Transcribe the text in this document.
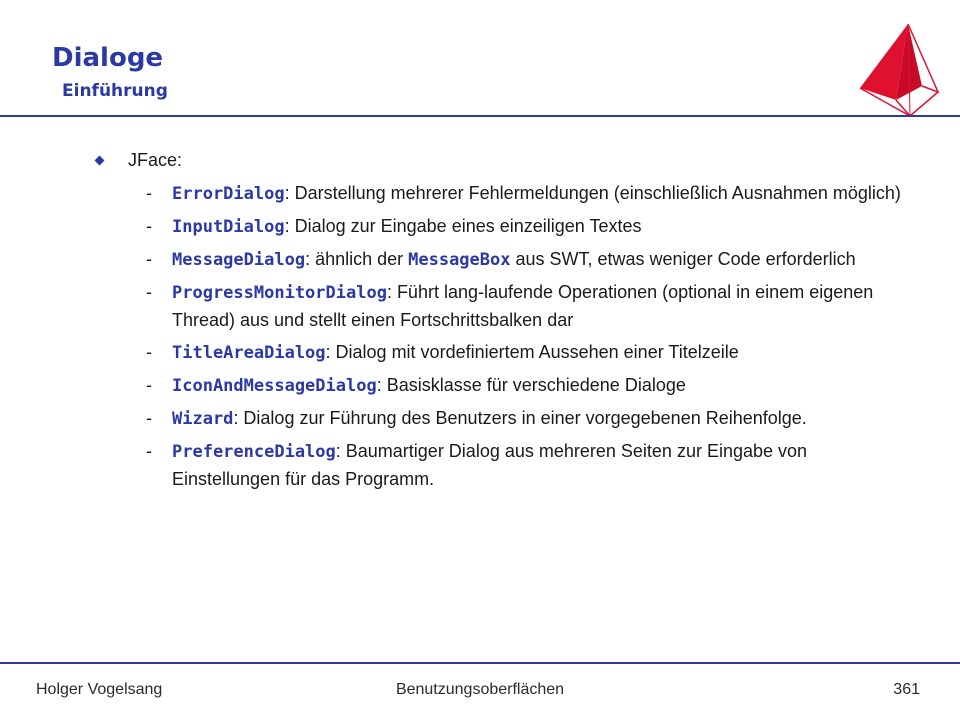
Dialoge
Einführung
JFace:
- ErrorDialog: Darstellung mehrerer Fehlermeldungen (einschließlich Ausnahmen möglich)
- InputDialog: Dialog zur Eingabe eines einzeiligen Textes
- MessageDialog: ähnlich der MessageBox aus SWT, etwas weniger Code erforderlich
- ProgressMonitorDialog: Führt lang-laufende Operationen (optional in einem eigenen Thread) aus und stellt einen Fortschrittsbalken dar
- TitleAreaDialog: Dialog mit vordefiniertem Aussehen einer Titelzeile
- IconAndMessageDialog: Basisklasse für verschiedene Dialoge
- Wizard: Dialog zur Führung des Benutzers in einer vorgegebenen Reihenfolge.
- PreferenceDialog: Baumartiger Dialog aus mehreren Seiten zur Eingabe von Einstellungen für das Programm.
Holger Vogelsang	Benutzungsoberflächen	361
